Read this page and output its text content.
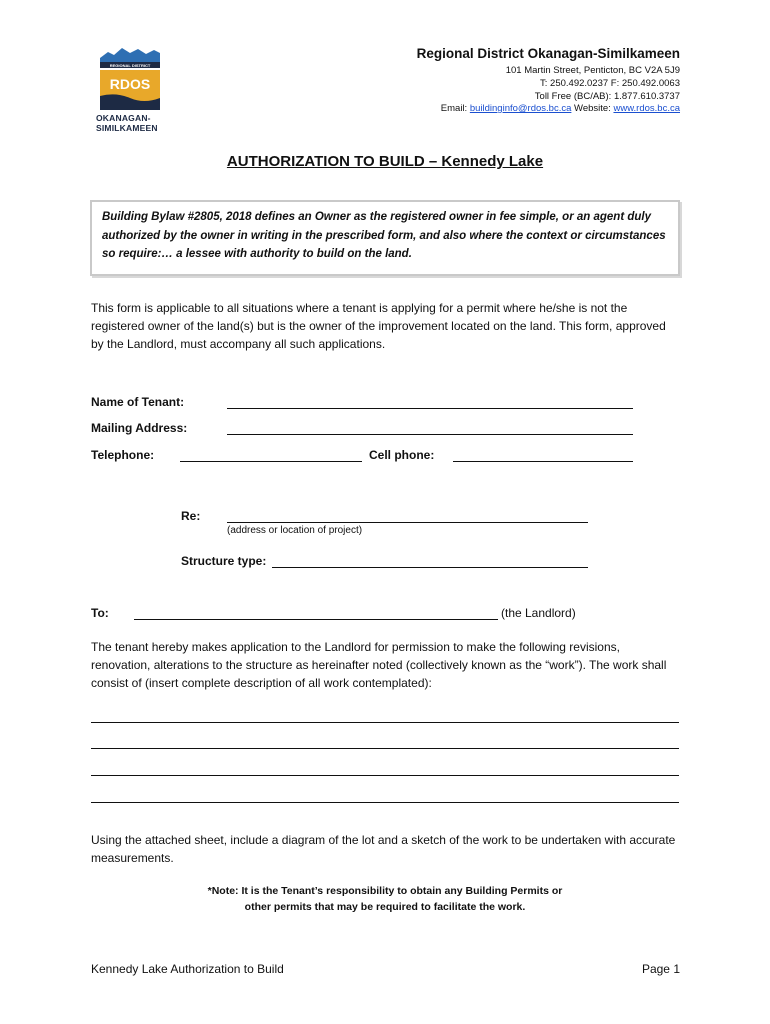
REGIONAL DISTRICT
RDOS
OKANAGAN-
SIMILKAMEEN
Regional District Okanagan-Similkameen
101 Martin Street, Penticton, BC V2A 5J9
T: 250.492.0237 F: 250.492.0063
Toll Free (BC/AB): 1.877.610.3737
Email: buildinginfo@rdos.bc.ca Website: www.rdos.bc.ca
AUTHORIZATION TO BUILD – Kennedy Lake
Building Bylaw #2805, 2018 defines an Owner as the registered owner in fee simple, or an agent duly authorized by the owner in writing in the prescribed form, and also where the context or circumstances so require:… a lessee with authority to build on the land.
This form is applicable to all situations where a tenant is applying for a permit where he/she is not the registered owner of the land(s) but is the owner of the improvement located on the land. This form, approved by the Landlord, must accompany all such applications.
Name of Tenant:
Mailing Address:
Telephone:	Cell phone:
Re:
(address or location of project)
Structure type:
To:	(the Landlord)
The tenant hereby makes application to the Landlord for permission to make the following revisions, renovation, alterations to the structure as hereinafter noted (collectively known as the “work”). The work shall consist of (insert complete description of all work contemplated):
Using the attached sheet, include a diagram of the lot and a sketch of the work to be undertaken with accurate measurements.
*Note: It is the Tenant’s responsibility to obtain any Building Permits or
other permits that may be required to facilitate the work.
Kennedy Lake Authorization to Build	Page 1
